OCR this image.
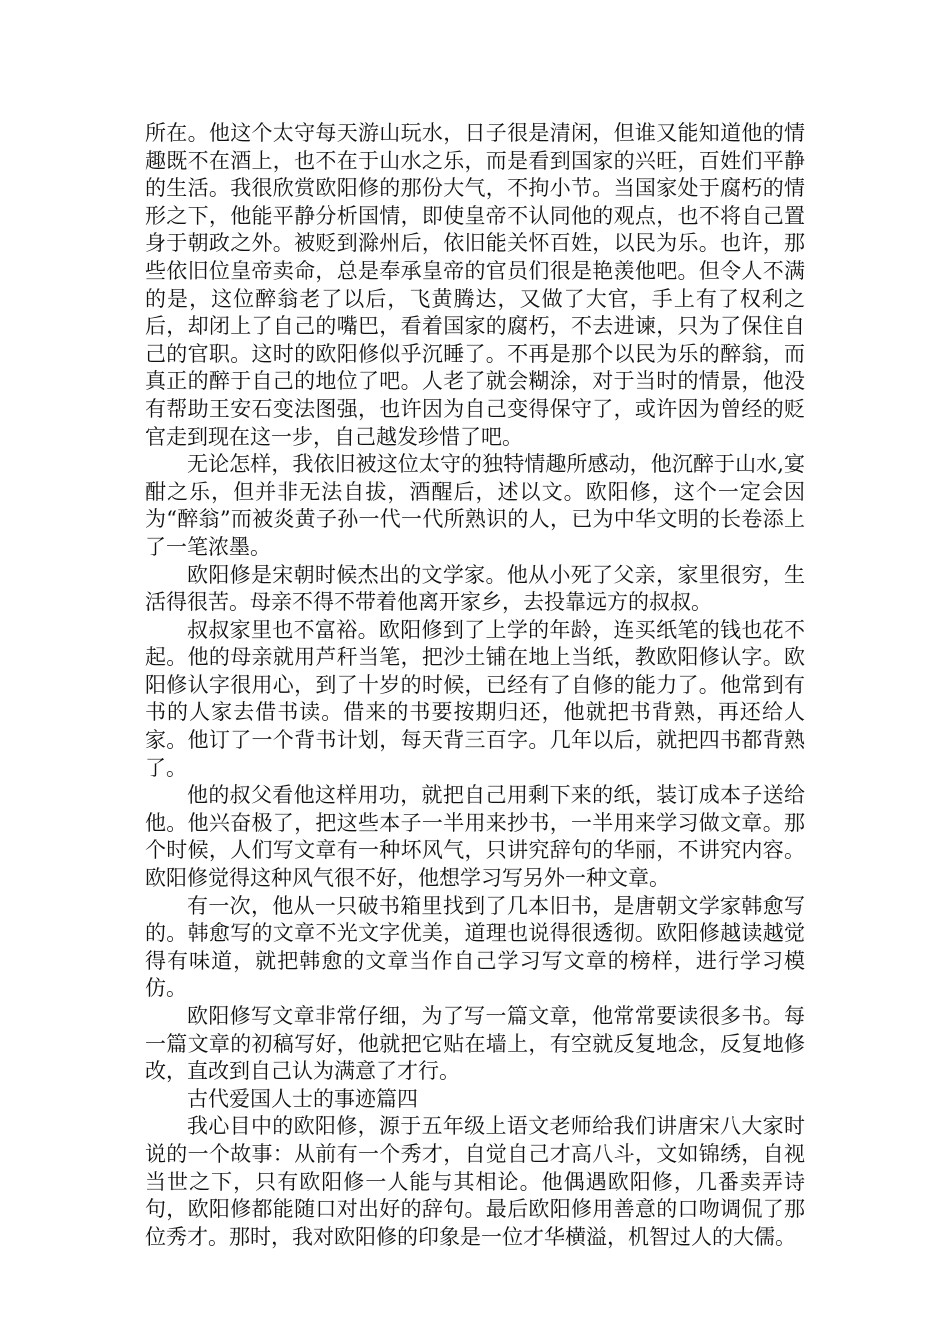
所在。他这个太守每天游山玩水，日子很是清闲，但谁又能知道他的情趣既不在酒上，也不在于山水之乐，而是看到国家的兴旺，百姓们平静的生活。我很欣赏欧阳修的那份大气，不拘小节。当国家处于腐朽的情形之下，他能平静分析国情，即使皇帝不认同他的观点，也不将自己置身于朝政之外。被贬到滁州后，依旧能关怀百姓，以民为乐。也许，那些依旧位皇帝卖命，总是奉承皇帝的官员们很是艳羡他吧。但令人不满的是，这位醉翁老了以后，飞黄腾达，又做了大官，手上有了权利之后，却闭上了自己的嘴巴，看着国家的腐朽，不去进谏，只为了保住自己的官职。这时的欧阳修似乎沉睡了。不再是那个以民为乐的醉翁，而真正的醉于自己的地位了吧。人老了就会糊涂，对于当时的情景，他没有帮助王安石变法图强，也许因为自己变得保守了，或许因为曾经的贬官走到现在这一步，自己越发珍惜了吧。

无论怎样，我依旧被这位太守的独特情趣所感动，他沉醉于山水,宴酣之乐，但并非无法自拔，酒醒后，述以文。欧阳修，这个一定会因为“醉翁”而被炎黄子孙一代一代所熟识的人，已为中华文明的长卷添上了一笔浓墨。

欧阳修是宋朝时候杰出的文学家。他从小死了父亲，家里很穷，生活得很苦。母亲不得不带着他离开家乡，去投靠远方的叔叔。

叔叔家里也不富裕。欧阳修到了上学的年龄，连买纸笔的钱也花不起。他的母亲就用芦秆当笔，把沙土铺在地上当纸，教欧阳修认字。欧阳修认字很用心，到了十岁的时候，已经有了自修的能力了。他常到有书的人家去借书读。借来的书要按期归还，他就把书背熟，再还给人家。他订了一个背书计划，每天背三百字。几年以后，就把四书都背熟了。

他的叔父看他这样用功，就把自己用剩下来的纸，装订成本子送给他。他兴奋极了，把这些本子一半用来抄书，一半用来学习做文章。那个时候，人们写文章有一种坏风气，只讲究辞句的华丽，不讲究内容。欧阳修觉得这种风气很不好，他想学习写另外一种文章。

有一次，他从一只破书箱里找到了几本旧书，是唐朝文学家韩愈写的。韩愈写的文章不光文字优美，道理也说得很透彻。欧阳修越读越觉得有味道，就把韩愈的文章当作自己学习写文章的榜样，进行学习模仿。

欧阳修写文章非常仔细，为了写一篇文章，他常常要读很多书。每一篇文章的初稿写好，他就把它贴在墙上，有空就反复地念，反复地修改，直改到自己认为满意了才行。

古代爱国人士的事迹篇四

我心目中的欧阳修，源于五年级上语文老师给我们讲唐宋八大家时说的一个故事：从前有一个秀才，自觉自己才高八斗，文如锦绣，自视当世之下，只有欧阳修一人能与其相论。他偶遇欧阳修，几番卖弄诗句，欧阳修都能随口对出好的辞句。最后欧阳修用善意的口吻调侃了那位秀才。那时，我对欧阳修的印象是一位才华横溢，机智过人的大儒。
